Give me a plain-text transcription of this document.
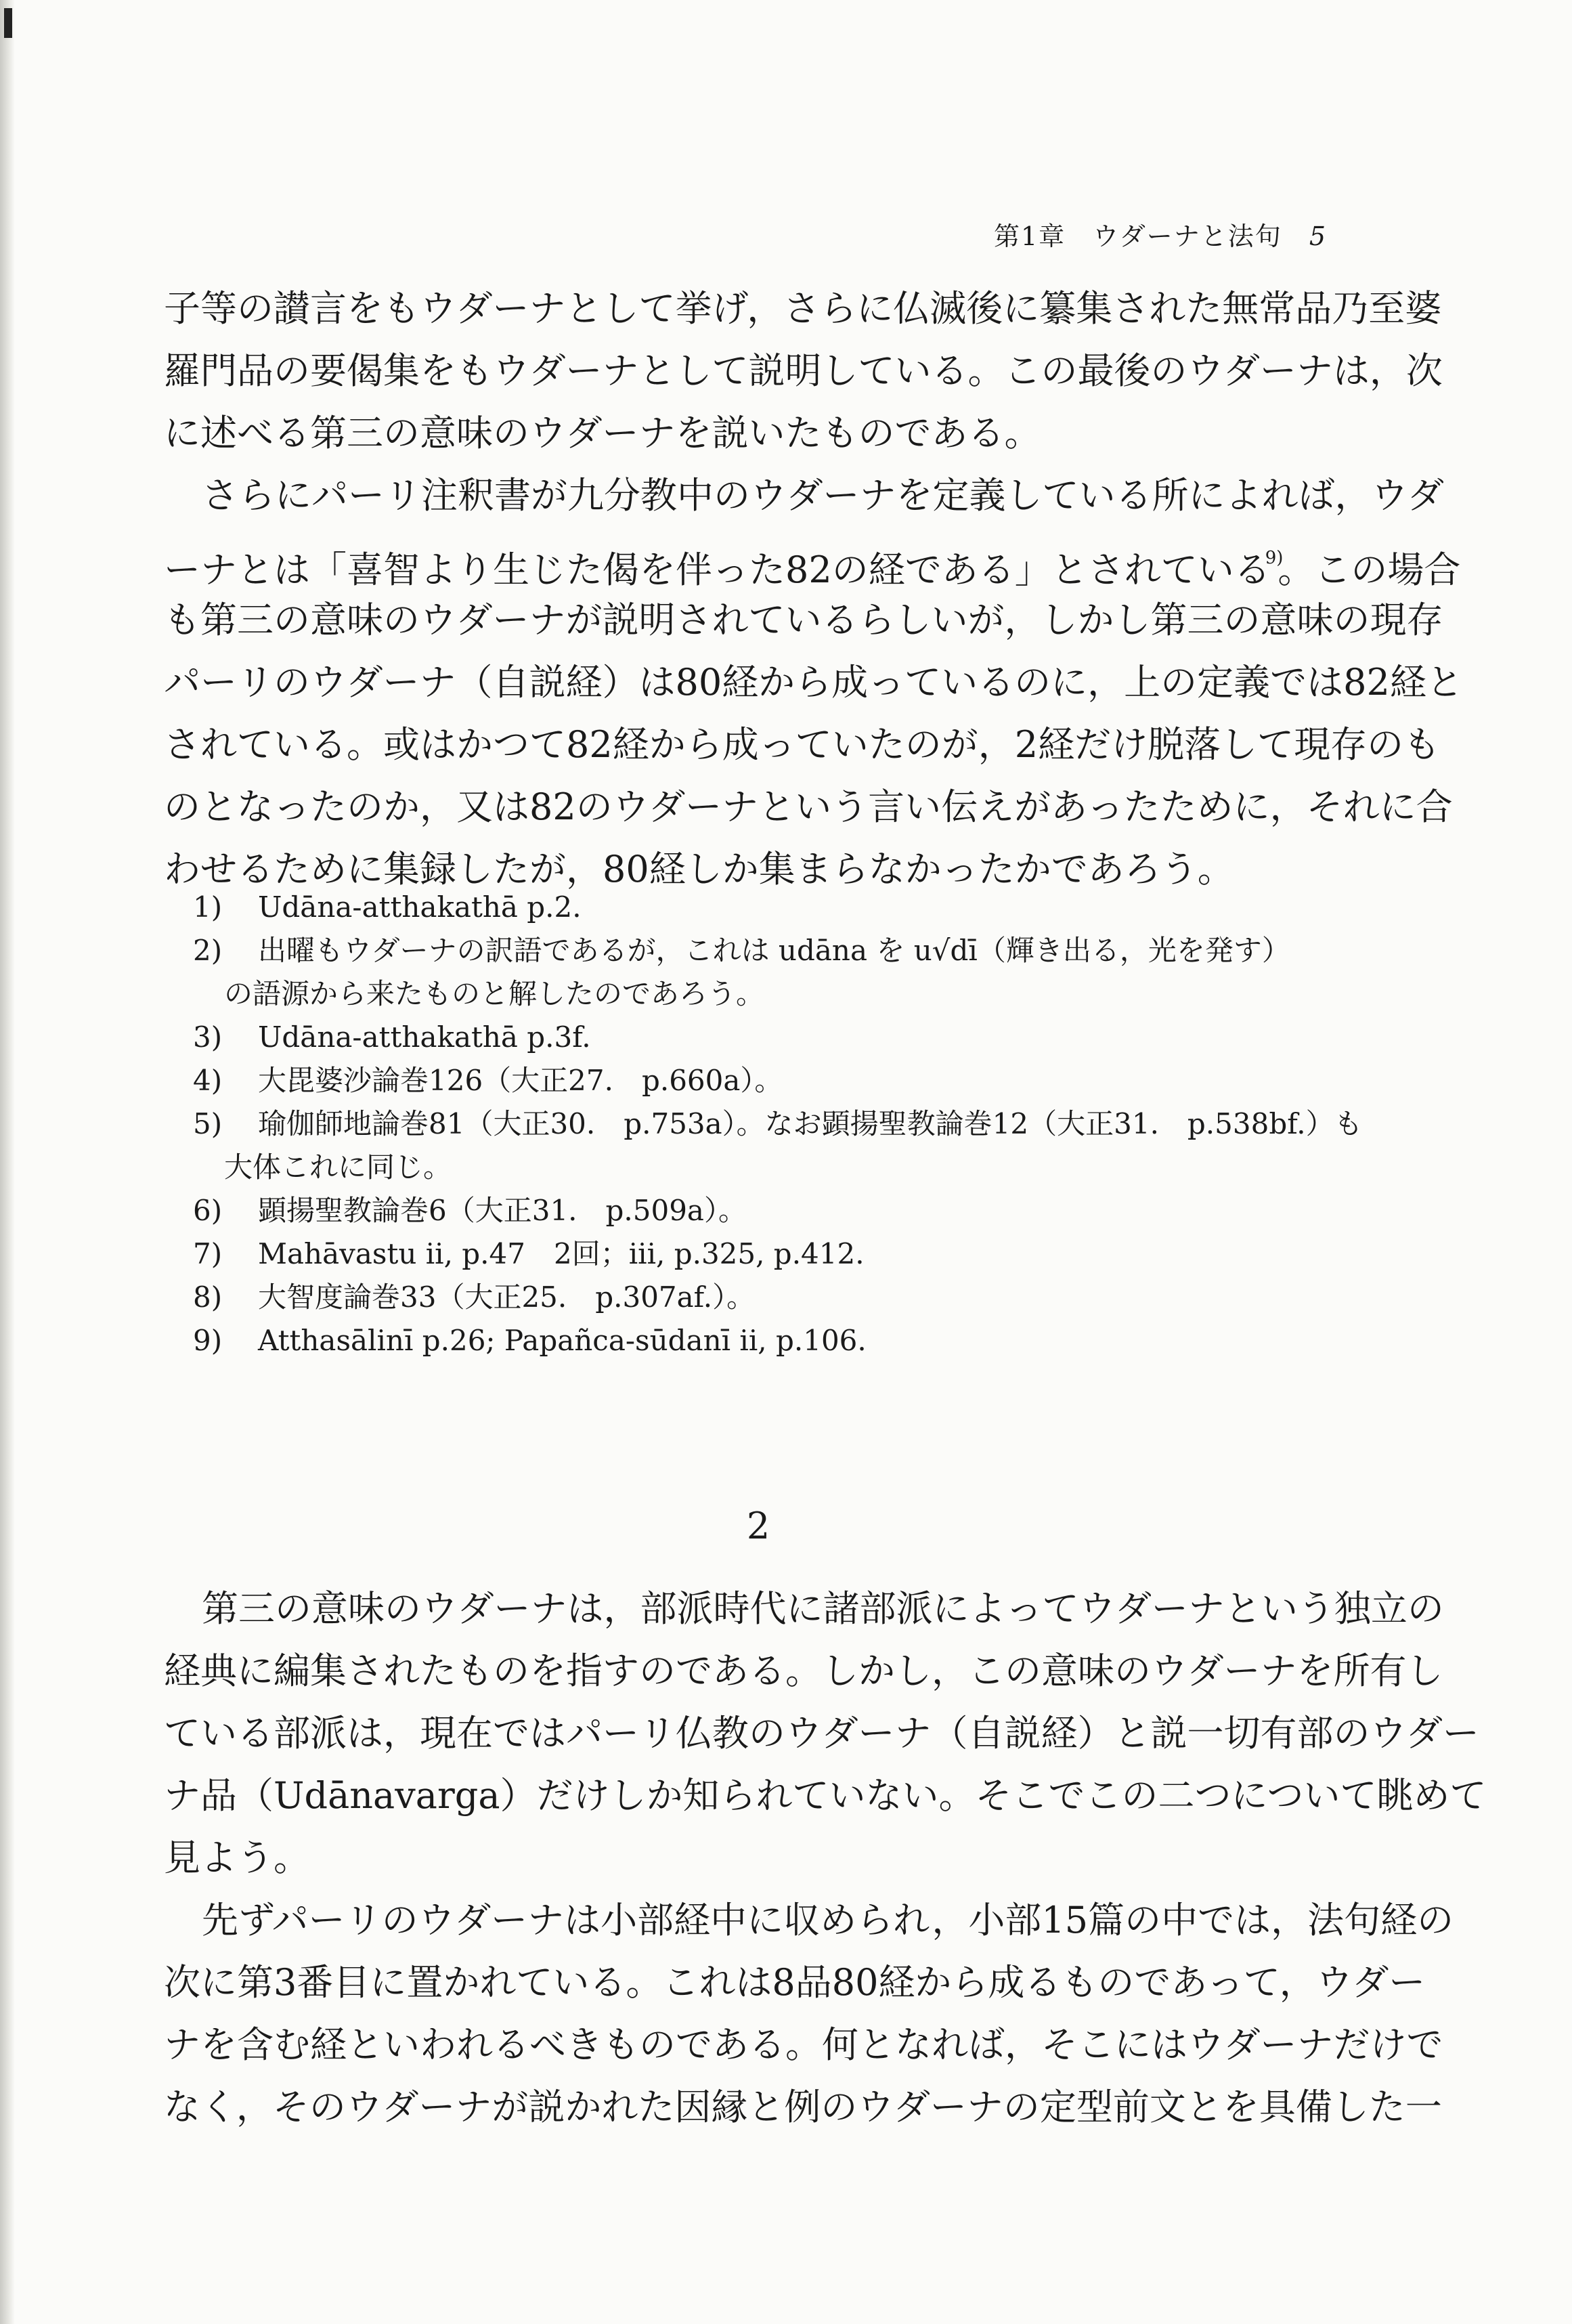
第1章　ウダーナと法句 5
子等の讃言をもウダーナとして挙げ，さらに仏滅後に纂集された無常品乃至婆
羅門品の要偈集をもウダーナとして説明している。この最後のウダーナは，次
に述べる第三の意味のウダーナを説いたものである。
さらにパーリ注釈書が九分教中のウダーナを定義している所によれば，ウダ
ーナとは「喜智より生じた偈を伴った82の経である」とされている$^{9)}$。この場合
も第三の意味のウダーナが説明されているらしいが，しかし第三の意味の現存
パーリのウダーナ（自説経）は80経から成っているのに，上の定義では82経と
されている。或はかつて82経から成っていたのが，2経だけ脱落して現存のも
のとなったのか，又は82のウダーナという言い伝えがあったために，それに合
わせるために集録したが，80経しか集まらなかったかであろう。
1) Udāna-atthakathā p.2.
2) 出曜もウダーナの訳語であるが，これは udāna を u√dī（輝き出る，光を発す）
の語源から来たものと解したのであろう。
3) Udāna-atthakathā p.3f.
4) 大毘婆沙論巻126（大正27.　p.660a）。
5) 瑜伽師地論巻81（大正30.　p.753a）。なお顕揚聖教論巻12（大正31.　p.538bf.）も
大体これに同じ。
6) 顕揚聖教論巻6（大正31.　p.509a）。
7) Mahāvastu ii, p.47　2回；iii, p.325, p.412.
8) 大智度論巻33（大正25.　p.307af.）。
9) Atthasālinī p.26; Papañca-sūdanī ii, p.106.
2
第三の意味のウダーナは，部派時代に諸部派によってウダーナという独立の
経典に編集されたものを指すのである。しかし，この意味のウダーナを所有し
ている部派は，現在ではパーリ仏教のウダーナ（自説経）と説一切有部のウダー
ナ品（Udānavarga）だけしか知られていない。そこでこの二つについて眺めて
見よう。
先ずパーリのウダーナは小部経中に収められ，小部15篇の中では，法句経の
次に第3番目に置かれている。これは8品80経から成るものであって，ウダー
ナを含む経といわれるべきものである。何となれば，そこにはウダーナだけで
なく，そのウダーナが説かれた因縁と例のウダーナの定型前文とを具備した一
